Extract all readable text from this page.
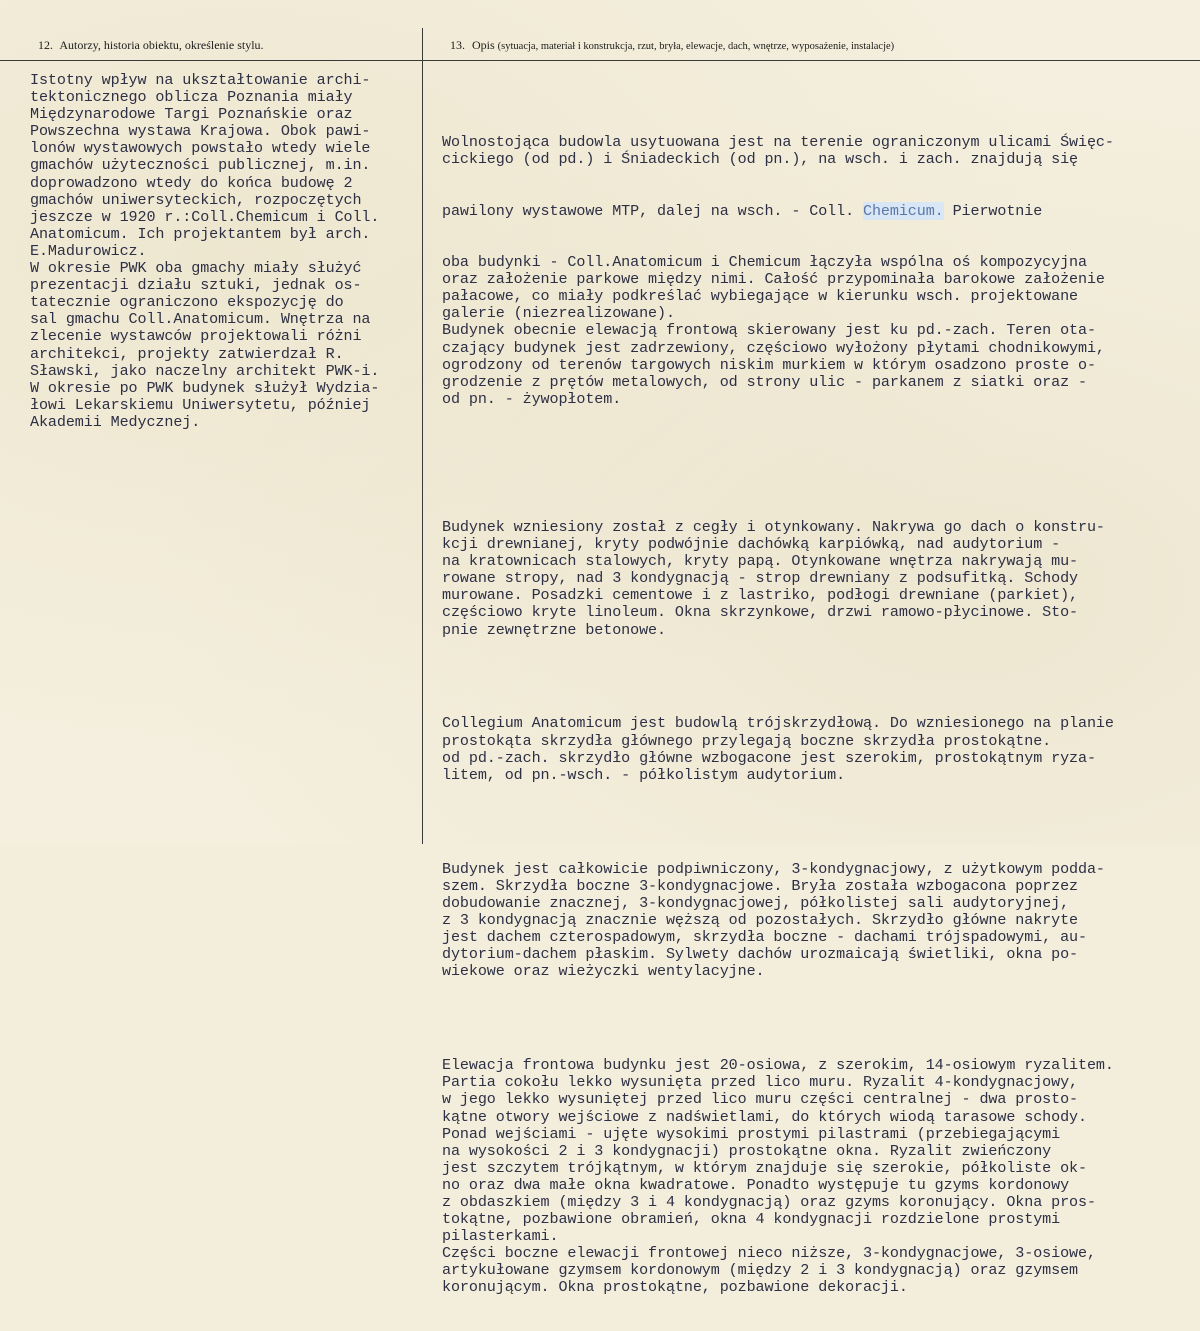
12. Autorzy, historia obiektu, określenie stylu.	13. Opis (sytuacja, materiał i konstrukcja, rzut, bryła, elewacje, dach, wnętrze, wyposażenie, instalacje)
Istotny wpływ na ukształtowanie archi-
tektonicznego oblicza Poznania miały
Międzynarodowe Targi Poznańskie oraz
Powszechna wystawa Krajowa. Obok pawi-
lonów wystawowych powstało wtedy wiele
gmachów użyteczności publicznej, m.in.
doprowadzono wtedy do końca budowę 2
gmachów uniwersyteckich, rozpoczętych
jeszcze w 1920 r.:Coll.Chemicum i Coll.
Anatomicum. Ich projektantem był arch.
E.Madurowicz.
W okresie PWK oba gmachy miały służyć
prezentacji działu sztuki, jednak os-
tatecznie ograniczono ekspozycję do
sal gmachu Coll.Anatomicum. Wnętrza na
zlecenie wystawców projektowali różni
architekci, projekty zatwierdzał R.
Sławski, jako naczelny architekt PWK-i.
W okresie po PWK budynek służył Wydzia-
łowi Lekarskiemu Uniwersytetu, później
Akademii Medycznej.

Wolnostojąca budowla usytuowana jest na terenie ograniczonym ulicami Święc-
cickiego (od pd.) i Śniadeckich (od pn.), na wsch. i zach. znajdują się

pawilony wystawowe MTP, dalej na wsch. - Coll. Chemicum. Pierwotnie

oba budynki - Coll.Anatomicum i Chemicum łączyła wspólna oś kompozycyjna
oraz założenie parkowe między nimi. Całość przypominała barokowe założenie
pałacowe, co miały podkreślać wybiegające w kierunku wsch. projektowane
galerie (niezrealizowane).
Budynek obecnie elewacją frontową skierowany jest ku pd.-zach. Teren ota-
czający budynek jest zadrzewiony, częściowo wyłożony płytami chodnikowymi,
ogrodzony od terenów targowych niskim murkiem w którym osadzono proste o-
grodzenie z prętów metalowych, od strony ulic - parkanem z siatki oraz -
od pn. - żywopłotem.

Budynek wzniesiony został z cegły i otynkowany. Nakrywa go dach o konstru-
kcji drewnianej, kryty podwójnie dachówką karpiówką, nad audytorium -
na kratownicach stalowych, kryty papą. Otynkowane wnętrza nakrywają mu-
rowane stropy, nad 3 kondygnacją - strop drewniany z podsufitką. Schody
murowane. Posadzki cementowe i z lastriko, podłogi drewniane (parkiet),
częściowo kryte linoleum. Okna skrzynkowe, drzwi ramowo-płycinowe. Sto-
pnie zewnętrzne betonowe.

Collegium Anatomicum jest budowlą trójskrzydłową. Do wzniesionego na planie
prostokąta skrzydła głównego przylegają boczne skrzydła prostokątne.
od pd.-zach. skrzydło główne wzbogacone jest szerokim, prostokątnym ryza-
litem, od pn.-wsch. - półkolistym audytorium.

Budynek jest całkowicie podpiwniczony, 3-kondygnacjowy, z użytkowym podda-
szem. Skrzydła boczne 3-kondygnacjowe. Bryła została wzbogacona poprzez
dobudowanie znacznej, 3-kondygnacjowej, półkolistej sali audytoryjnej,
z 3 kondygnacją znacznie węższą od pozostałych. Skrzydło główne nakryte
jest dachem czterospadowym, skrzydła boczne - dachami trójspadowymi, au-
dytorium-dachem płaskim. Sylwety dachów urozmaicają świetliki, okna po-
wiekowe oraz wieżyczki wentylacyjne.

Elewacja frontowa budynku jest 20-osiowa, z szerokim, 14-osiowym ryzalitem.
Partia cokołu lekko wysunięta przed lico muru. Ryzalit 4-kondygnacjowy,
w jego lekko wysuniętej przed lico muru części centralnej - dwa prosto-
kątne otwory wejściowe z nadświetlami, do których wiodą tarasowe schody.
Ponad wejściami - ujęte wysokimi prostymi pilastrami (przebiegającymi
na wysokości 2 i 3 kondygnacji) prostokątne okna. Ryzalit zwieńczony
jest szczytem trójkątnym, w którym znajduje się szerokie, półkoliste ok-
no oraz dwa małe okna kwadratowe. Ponadto występuje tu gzyms kordonowy
z obdaszkiem (między 3 i 4 kondygnacją) oraz gzyms koronujący. Okna pros-
tokątne, pozbawione obramień, okna 4 kondygnacji rozdzielone prostymi
pilasterkami.
Części boczne elewacji frontowej nieco niższe, 3-kondygnacjowe, 3-osiowe,
artykułowane gzymsem kordonowym (między 2 i 3 kondygnacją) oraz gzymsem
koronującym. Okna prostokątne, pozbawione dekoracji.
